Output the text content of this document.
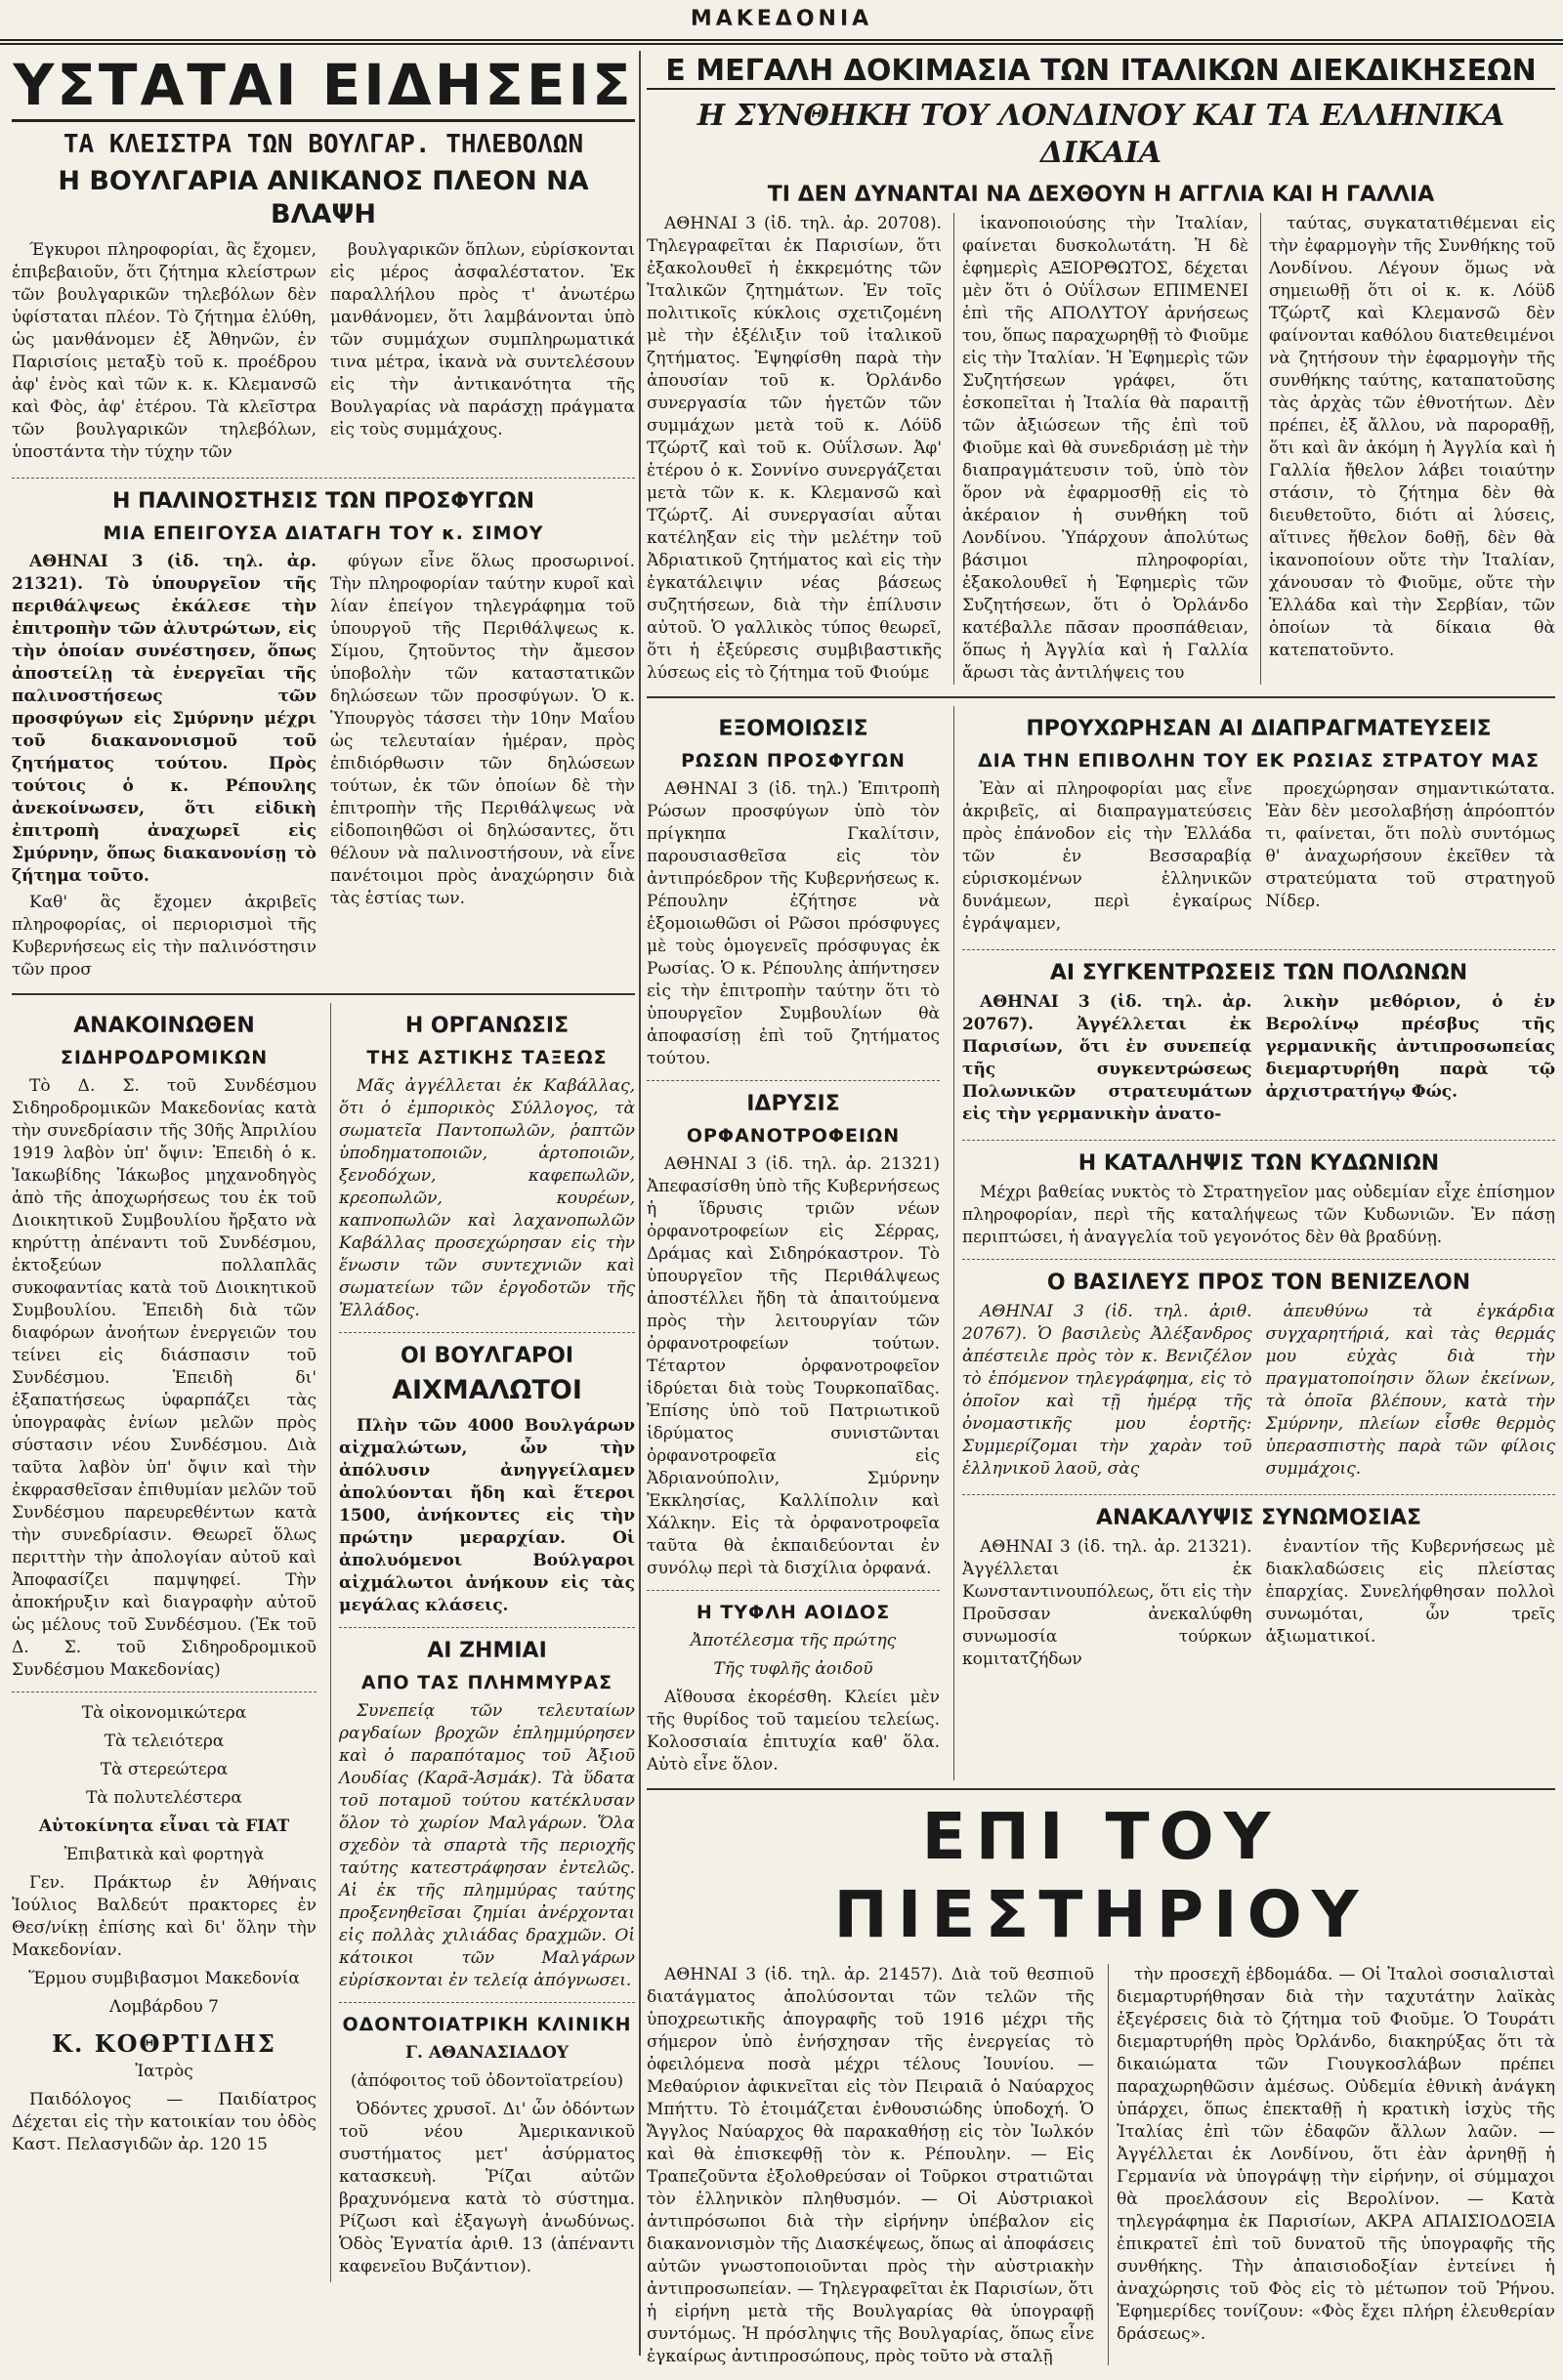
ΜΑΚΕΔΟΝΙΑ
ΥΣΤΑΤΑΙ ΕΙΔΗΣΕΙΣ
ΤΑ ΚΛΕΙΣΤΡΑ ΤΩΝ ΒΟΥΛΓΑΡ. ΤΗΛΕΒΟΛΩΝ
Η ΒΟΥΛΓΑΡΙΑ ΑΝΙΚΑΝΟΣ ΠΛΕΟΝ ΝΑ ΒΛΑΨΗ

Έγκυροι πληροφορίαι, ἃς ἔχομεν, ἐπιβεβαιοῦν, ὅτι ζήτημα κλείστρων τῶν βουλγαρικῶν τηλεβόλων δὲν ὑφίσταται πλέον. Τὸ ζήτημα ἐλύθη, ὡς μανθάνομεν ἐξ Ἀθηνῶν, ἐν Παρισίοις μεταξὺ τοῦ κ. προέδρου ἀφ' ἑνὸς καὶ τῶν κ. κ. Κλεμανσῶ καὶ Φὸς, ἀφ' ἑτέρου. Τὰ κλεῖστρα τῶν βουλγαρικῶν τηλεβόλων, ὑποστάντα τὴν τύχην τῶν

βουλγαρικῶν ὅπλων, εὑρίσκονται εἰς μέρος ἀσφαλέστατον. Ἐκ παραλλήλου πρὸς τ' ἀνωτέρω μανθάνομεν, ὅτι λαμβάνονται ὑπὸ τῶν συμμάχων συμπληρωματικά τινα μέτρα, ἱκανὰ νὰ συντελέσουν εἰς τὴν ἀντικανότητα τῆς Βουλγαρίας νὰ παράσχῃ πράγματα εἰς τοὺς συμμάχους.

Η ΠΑΛΙΝΟΣΤΗΣΙΣ ΤΩΝ ΠΡΟΣΦΥΓΩΝ
ΜΙΑ ΕΠΕΙΓΟΥΣΑ ΔΙΑΤΑΓΗ ΤΟΥ κ. ΣΙΜΟΥ

ΑΘΗΝΑΙ 3 (ἰδ. τηλ. ἀρ. 21321). Τὸ ὑπουργεῖον τῆς περιθάλψεως ἐκάλεσε τὴν ἐπιτροπὴν τῶν ἀλυτρώτων, εἰς τὴν ὁποίαν συνέστησεν, ὅπως ἀποστείλῃ τὰ ἐνεργεῖαι τῆς παλινοστήσεως τῶν προσφύγων εἰς Σμύρνην μέχρι τοῦ διακανονισμοῦ τοῦ ζητήματος τούτου. Πρὸς τούτοις ὁ κ. Ρέπουλης ἀνεκοίνωσεν, ὅτι εἰδικὴ ἐπιτροπὴ ἀναχωρεῖ εἰς Σμύρνην, ὅπως διακανονίσῃ τὸ ζήτημα τοῦτο.

Καθ' ἃς ἔχομεν ἀκριβεῖς πληροφορίας, οἱ περιορισμοὶ τῆς Κυβερνήσεως εἰς τὴν παλινόστησιν τῶν προσ

φύγων εἶνε ὅλως προσωρινοί. Τὴν πληροφορίαν ταύτην κυροῖ καὶ λίαν ἐπείγον τηλεγράφημα τοῦ ὑπουργοῦ τῆς Περιθάλψεως κ. Σίμου, ζητοῦντος τὴν ἄμεσον ὑποβολὴν τῶν καταστατικῶν δηλώσεων τῶν προσφύγων. Ὁ κ. Ὑπουργὸς τάσσει τὴν 10ην Μαΐου ὡς τελευταίαν ἡμέραν, πρὸς ἐπιδιόρθωσιν τῶν δηλώσεων τούτων, ἐκ τῶν ὁποίων δὲ τὴν ἐπιτροπὴν τῆς Περιθάλψεως νὰ εἰδοποιηθῶσι οἱ δηλώσαντες, ὅτι θέλουν νὰ παλινοστήσουν, νὰ εἶνε πανέτοιμοι πρὸς ἀναχώρησιν διὰ τὰς ἑστίας των.

ΑΝΑΚΟΙΝΩΘΕΝ
ΣΙΔΗΡΟΔΡΟΜΙΚΩΝ

Τὸ Δ. Σ. τοῦ Συνδέσμου Σιδηροδρομικῶν Μακεδονίας κατὰ τὴν συνεδρίασιν τῆς 30ῆς Ἀπριλίου 1919 λαβὸν ὑπ' ὄψιν: Ἐπειδὴ ὁ κ. Ἰακωβίδης Ἰάκωβος μηχανοδηγὸς ἀπὸ τῆς ἀποχωρήσεως του ἐκ τοῦ Διοικητικοῦ Συμβουλίου ἤρξατο νὰ κηρύττῃ ἀπέναντι τοῦ Συνδέσμου, ἐκτοξεύων πολλαπλᾶς συκοφαντίας κατὰ τοῦ Διοικητικοῦ Συμβουλίου. Ἐπειδὴ διὰ τῶν διαφόρων ἀνοήτων ἐνεργειῶν του τείνει εἰς διάσπασιν τοῦ Συνδέσμου. Ἐπειδὴ δι' ἐξαπατήσεως ὑφαρπάζει τὰς ὑπογραφὰς ἐνίων μελῶν πρὸς σύστασιν νέου Συνδέσμου. Διὰ ταῦτα λαβὸν ὑπ' ὄψιν καὶ τὴν ἐκφρασθεῖσαν ἐπιθυμίαν μελῶν τοῦ Συνδέσμου παρευρεθέντων κατὰ τὴν συνεδρίασιν. Θεωρεῖ ὅλως περιττὴν τὴν ἀπολογίαν αὐτοῦ καὶ Ἀποφασίζει παμψηφεί. Τὴν ἀποκήρυξιν καὶ διαγραφὴν αὐτοῦ ὡς μέλους τοῦ Συνδέσμου. (Ἐκ τοῦ Δ. Σ. τοῦ Σιδηροδρομικοῦ Συνδέσμου Μακεδονίας)

Τὰ οἰκονομικώτερα
Τὰ τελειότερα
Τὰ στερεώτερα
Τὰ πολυτελέστερα
Αὐτοκίνητα εἶναι τὰ FIAT
Ἐπιβατικὰ καὶ φορτηγὰ

Γεν. Πράκτωρ ἐν Ἀθήναις Ἰούλιος Βαλδεύτ πρακτορες ἐν Θεσ/νίκῃ ἐπίσης καὶ δι' ὅλην τὴν Μακεδονίαν.

Ἕρμου συμβιβασμοι Μακεδονία
Λομβάρδου 7
Κ. ΚΟΘΡΤΙΔΗΣ
Ἰατρὸς

Παιδόλογος — Παιδίατρος Δέχεται εἰς τὴν κατοικίαν του ὁδὸς Καστ. Πελασγιδῶν ἀρ. 120 15

Η ΟΡΓΑΝΩΣΙΣ
ΤΗΣ ΑΣΤΙΚΗΣ ΤΑΞΕΩΣ

Μᾶς ἀγγέλλεται ἐκ Καβάλλας, ὅτι ὁ ἐμπορικὸς Σύλλογος, τὰ σωματεῖα Παντοπωλῶν, ῥαπτῶν ὑποδηματοποιῶν, ἀρτοποιῶν, ξενοδόχων, καφεπωλῶν, κρεοπωλῶν, κουρέων, καπνοπωλῶν καὶ λαχανοπωλῶν Καβάλλας προσεχώρησαν εἰς τὴν ἕνωσιν τῶν συντεχνιῶν καὶ σωματείων τῶν ἐργοδοτῶν τῆς Ἑλλάδος.

ΟΙ ΒΟΥΛΓΑΡΟΙ
ΑΙΧΜΑΛΩΤΟΙ

Πλὴν τῶν 4000 Βουλγάρων αἰχμαλώτων, ὧν τὴν ἀπόλυσιν ἀνηγγείλαμεν ἀπολύονται ἤδη καὶ ἕτεροι 1500, ἀνήκοντες εἰς τὴν πρώτην μεραρχίαν. Οἱ ἀπολυόμενοι Βούλγαροι αἰχμάλωτοι ἀνήκουν εἰς τὰς μεγάλας κλάσεις.

ΑΙ ΖΗΜΙΑΙ
ΑΠΟ ΤΑΣ ΠΛΗΜΜΥΡΑΣ

Συνεπείᾳ τῶν τελευταίων ραγδαίων βροχῶν ἐπλημμύρησεν καὶ ὁ παραπόταμος τοῦ Ἀξιοῦ Λουδίας (Καρᾶ-Ἀσμάκ). Τὰ ὕδατα τοῦ ποταμοῦ τούτου κατέκλυσαν ὅλον τὸ χωρίον Μαλγάρων. Ὅλα σχεδὸν τὰ σπαρτὰ τῆς περιοχῆς ταύτης κατεστράφησαν ἐντελῶς. Αἱ ἐκ τῆς πλημμύρας ταύτης προξενηθεῖσαι ζημίαι ἀνέρχονται εἰς πολλὰς χιλιάδας δραχμῶν. Οἱ κάτοικοι τῶν Μαλγάρων εὑρίσκονται ἐν τελείᾳ ἀπόγνωσει.

ΟΔΟΝΤΟΙΑΤΡΙΚΗ ΚΛΙΝΙΚΗ
Γ. ΑΘΑΝΑΣΙΑΔΟΥ
(ἀπόφοιτος τοῦ ὀδοντοϊατρείου)

Ὀδόντες χρυσοῖ. Δι' ὧν ὀδόντων τοῦ νέου Ἀμερικανικοῦ συστήματος μετ' ἀσύρματος κατασκευὴ. Ῥίζαι αὐτῶν βραχυνόμενα κατὰ τὸ σύστημα. Ρίζωσι καὶ ἐξαγωγὴ ἀνωδύνως. Ὁδὸς Ἐγνατία ἀριθ. 13 (ἀπέναντι καφενεῖου Βυζάντιον).

Ε ΜΕΓΑΛΗ ΔΟΚΙΜΑΣΙΑ ΤΩΝ ΙΤΑΛΙΚΩΝ ΔΙΕΚΔΙΚΗΣΕΩΝ
Η ΣΥΝΘΗΚΗ ΤΟΥ ΛΟΝΔΙΝΟΥ ΚΑΙ ΤΑ ΕΛΛΗΝΙΚΑ ΔΙΚΑΙΑ
ΤΙ ΔΕΝ ΔΥΝΑΝΤΑΙ ΝΑ ΔΕΧΘΟΥΝ Η ΑΓΓΛΙΑ ΚΑΙ Η ΓΑΛΛΙΑ

ΑΘΗΝΑΙ 3 (ἰδ. τηλ. ἀρ. 20708). Τηλεγραφεῖται ἐκ Παρισίων, ὅτι ἐξακολουθεῖ ἡ ἐκκρεμότης τῶν Ἰταλικῶν ζητημάτων. Ἐν τοῖς πολιτικοῖς κύκλοις σχετιζομένη μὲ τὴν ἐξέλιξιν τοῦ ἰταλικοῦ ζητήματος. Ἐψηφίσθη παρὰ τὴν ἀπουσίαν τοῦ κ. Ὀρλάνδο συνεργασία τῶν ἡγετῶν τῶν συμμάχων μετὰ τοῦ κ. Λόϋδ Τζώρτζ καὶ τοῦ κ. Οὐΐλσων. Ἀφ' ἑτέρου ὁ κ. Σοννίνο συνεργάζεται μετὰ τῶν κ. κ. Κλεμανσῶ καὶ Τζώρτζ. Αἱ συνεργασίαι αὗται κατέληξαν εἰς τὴν μελέτην τοῦ Ἀδριατικοῦ ζητήματος καὶ εἰς τὴν ἐγκατάλειψιν νέας βάσεως συζητήσεων, διὰ τὴν ἐπίλυσιν αὐτοῦ. Ὁ γαλλικὸς τύπος θεωρεῖ, ὅτι ἡ ἐξεύρεσις συμβιβαστικῆς λύσεως εἰς τὸ ζήτημα τοῦ Φιούμε

ἱκανοποιούσης τὴν Ἰταλίαν, φαίνεται δυσκολωτάτη. Ἡ δὲ ἐφημερὶς ΑΞΙΟΡΘΩΤΟΣ, δέχεται μὲν ὅτι ὁ Οὐΐλσων ΕΠΙΜΕΝΕΙ ἐπὶ τῆς ΑΠΟΛΥΤΟΥ ἀρνήσεως του, ὅπως παραχωρηθῇ τὸ Φιοῦμε εἰς τὴν Ἰταλίαν. Ἡ Ἐφημερὶς τῶν Συζητήσεων γράφει, ὅτι ἐσκοπεῖται ἡ Ἰταλία θὰ παραιτῇ τῶν ἀξιώσεων τῆς ἐπὶ τοῦ Φιοῦμε καὶ θὰ συνεδριάσῃ μὲ τὴν διαπραγμάτευσιν τοῦ, ὑπὸ τὸν ὅρον νὰ ἐφαρμοσθῇ εἰς τὸ ἀκέραιον ἡ συνθήκη τοῦ Λονδίνου. Ὑπάρχουν ἀπολύτως βάσιμοι πληροφορίαι, ἐξακολουθεῖ ἡ Ἐφημερὶς τῶν Συζητήσεων, ὅτι ὁ Ὀρλάνδο κατέβαλλε πᾶσαν προσπάθειαν, ὅπως ἡ Ἀγγλία καὶ ἡ Γαλλία ἄρωσι τὰς ἀντιλήψεις του

ταύτας, συγκατατιθέμεναι εἰς τὴν ἐφαρμογὴν τῆς Συνθήκης τοῦ Λονδίνου. Λέγουν ὅμως νὰ σημειωθῇ ὅτι οἱ κ. κ. Λόϋδ Τζώρτζ καὶ Κλεμανσῶ δὲν φαίνονται καθόλου διατεθειμένοι νὰ ζητήσουν τὴν ἐφαρμογὴν τῆς συνθήκης ταύτης, καταπατοῦσης τὰς ἀρχὰς τῶν ἐθνοτήτων. Δὲν πρέπει, ἐξ ἄλλου, νὰ παροραθῇ, ὅτι καὶ ἂν ἀκόμη ἡ Ἀγγλία καὶ ἡ Γαλλία ἤθελον λάβει τοιαύτην στάσιν, τὸ ζήτημα δὲν θὰ διευθετοῦτο, διότι αἱ λύσεις, αἵτινες ἤθελον δοθῇ, δὲν θὰ ἱκανοποίουν οὔτε τὴν Ἰταλίαν, χάνουσαν τὸ Φιοῦμε, οὔτε τὴν Ἑλλάδα καὶ τὴν Σερβίαν, τῶν ὁποίων τὰ δίκαια θὰ κατεπατοῦντο.

ΕΞΟΜΟΙΩΣΙΣ
ΡΩΣΩΝ ΠΡΟΣΦΥΓΩΝ

ΑΘΗΝΑΙ 3 (ἰδ. τηλ.) Ἐπιτροπὴ Ρώσων προσφύγων ὑπὸ τὸν πρίγκηπα Γκαλίτσιν, παρουσιασθεῖσα εἰς τὸν ἀντιπρόεδρον τῆς Κυβερνήσεως κ. Ρέπουλην ἐζήτησε νὰ ἐξομοιωθῶσι οἱ Ρῶσοι πρόσφυγες μὲ τοὺς ὁμογενεῖς πρόσφυγας ἐκ Ρωσίας. Ὁ κ. Ρέπουλης ἀπήντησεν εἰς τὴν ἐπιτροπὴν ταύτην ὅτι τὸ ὑπουργεῖον Συμβουλίων θὰ ἀποφασίσῃ ἐπὶ τοῦ ζητήματος τούτου.

ΙΔΡΥΣΙΣ
ΟΡΦΑΝΟΤΡΟΦΕΙΩΝ

ΑΘΗΝΑΙ 3 (ἰδ. τηλ. ἀρ. 21321) Ἀπεφασίσθη ὑπὸ τῆς Κυβερνήσεως ἡ ἵδρυσις τριῶν νέων ὀρφανοτροφείων εἰς Σέρρας, Δράμας καὶ Σιδηρόκαστρον. Τὸ ὑπουργεῖον τῆς Περιθάλψεως ἀποστέλλει ἤδη τὰ ἀπαιτούμενα πρὸς τὴν λειτουργίαν τῶν ὀρφανοτροφείων τούτων. Τέταρτον ὀρφανοτροφεῖον ἱδρύεται διὰ τοὺς Τουρκοπαῖδας. Ἐπίσης ὑπὸ τοῦ Πατριωτικοῦ ἱδρύματος συνιστῶνται ὀρφανοτροφεῖα εἰς Ἀδριανούπολιν, Σμύρνην Ἐκκλησίας, Καλλίπολιν καὶ Χάλκην. Εἰς τὰ ὀρφανοτροφεῖα ταῦτα θὰ ἐκπαιδεύονται ἐν συνόλῳ περὶ τὰ δισχίλια ὀρφανά.

Η ΤΥΦΛΗ ΑΟΙΔΟΣ
Ἀποτέλεσμα τῆς πρώτης
Τῆς τυφλῆς ἀοιδοῦ

Αἴθουσα ἐκορέσθη. Κλείει μὲν τῆς θυρίδος τοῦ ταμείου τελείως. Κολοσσιαία ἐπιτυχία καθ' ὅλα. Αὐτὸ εἶνε ὅλον.

ΠΡΟΥΧΩΡΗΣΑΝ ΑΙ ΔΙΑΠΡΑΓΜΑΤΕΥΣΕΙΣ
ΔΙΑ ΤΗΝ ΕΠΙΒΟΛΗΝ ΤΟΥ ΕΚ ΡΩΣΙΑΣ ΣΤΡΑΤΟΥ ΜΑΣ

Ἐὰν αἱ πληροφορίαι μας εἶνε ἀκριβεῖς, αἱ διαπραγματεύσεις πρὸς ἐπάνοδον εἰς τὴν Ἑλλάδα τῶν ἐν Βεσσαραβίᾳ εὑρισκομένων ἑλληνικῶν δυνάμεων, περὶ ἐγκαίρως ἐγράψαμεν,

προεχώρησαν σημαντικώτατα. Ἐὰν δὲν μεσολαβήσῃ ἀπρόοπτόν τι, φαίνεται, ὅτι πολὺ συντόμως θ' ἀναχωρήσουν ἐκεῖθεν τὰ στρατεύματα τοῦ στρατηγοῦ Νίδερ.

ΑΙ ΣΥΓΚΕΝΤΡΩΣΕΙΣ ΤΩΝ ΠΟΛΩΝΩΝ

ΑΘΗΝΑΙ 3 (ἰδ. τηλ. ἀρ. 20767). Ἀγγέλλεται ἐκ Παρισίων, ὅτι ἐν συνεπείᾳ τῆς συγκεντρώσεως Πολωνικῶν στρατευμάτων εἰς τὴν γερμανικὴν ἀνατο-

λικὴν μεθόριον, ὁ ἐν Βερολίνῳ πρέσβυς τῆς γερμανικῆς ἀντιπροσωπείας διεμαρτυρήθη παρὰ τῷ ἀρχιστρατήγῳ Φώς.

Η ΚΑΤΑΛΗΨΙΣ ΤΩΝ ΚΥΔΩΝΙΩΝ

Μέχρι βαθείας νυκτὸς τὸ Στρατηγεῖον μας οὐδεμίαν εἶχε ἐπίσημον πληροφορίαν, περὶ τῆς καταλήψεως τῶν Κυδωνιῶν. Ἐν πάσῃ περιπτώσει, ἡ ἀναγγελία τοῦ γεγονότος δὲν θὰ βραδύνῃ.

Ο ΒΑΣΙΛΕΥΣ ΠΡΟΣ ΤΟΝ ΒΕΝΙΖΕΛΟΝ

ΑΘΗΝΑΙ 3 (ἰδ. τηλ. ἀριθ. 20767). Ὁ βασιλεὺς Ἀλέξανδρος ἀπέστειλε πρὸς τὸν κ. Βενιζέλον τὸ ἑπόμενον τηλεγράφημα, εἰς τὸ ὁποῖον καὶ τῇ ἡμέρᾳ τῆς ὀνομαστικῆς μου ἑορτῆς: Συμμερίζομαι τὴν χαρὰν τοῦ ἑλληνικοῦ λαοῦ, σὰς

ἀπευθύνω τὰ ἐγκάρδια συγχαρητήριά, καὶ τὰς θερμάς μου εὐχὰς διὰ τὴν πραγματοποίησιν ὅλων ἐκείνων, τὰ ὁποῖα βλέπουν, κατὰ τὴν Σμύρνην, πλείων εἶσθε θερμὸς ὑπερασπιστὴς παρὰ τῶν φίλοις συμμάχοις.

ΑΝΑΚΑΛΥΨΙΣ ΣΥΝΩΜΟΣΙΑΣ

ΑΘΗΝΑΙ 3 (ἰδ. τηλ. ἀρ. 21321). Ἀγγέλλεται ἐκ Κωνσταντινουπόλεως, ὅτι εἰς τὴν Προῦσσαν ἀνεκαλύφθη συνωμοσία τούρκων κομιτατζήδων

ἐναντίον τῆς Κυβερνήσεως μὲ διακλαδώσεις εἰς πλείστας ἐπαρχίας. Συνελήφθησαν πολλοὶ συνωμόται, ὧν τρεῖς ἀξιωματικοί.

ΕΠΙ ΤΟΥ ΠΙΕΣΤΗΡΙΟΥ

ΑΘΗΝΑΙ 3 (ἰδ. τηλ. ἀρ. 21457). Διὰ τοῦ θεσπιοῦ διατάγματος ἀπολύσονται τῶν τελῶν τῆς ὑποχρεωτικῆς ἀπογραφῆς τοῦ 1916 μέχρι τῆς σήμερον ὑπὸ ἐνήσχησαν τῆς ἐνεργείας τὸ ὀφειλόμενα ποσὰ μέχρι τέλους Ἰουνίου. — Μεθαύριον ἀφικνεῖται εἰς τὸν Πειραιᾶ ὁ Ναύαρχος Μπήττυ. Τὸ ἑτοιμάζεται ἐνθουσιώδης ὑποδοχή. Ὁ Ἄγγλος Ναύαρχος θὰ παρακαθήσῃ εἰς τὸν Ἰωλκόν καὶ θὰ ἐπισκεφθῇ τὸν κ. Ρέπουλην. — Εἰς Τραπεζοῦντα ἐξολοθρεύσαν οἱ Τοῦρκοι στρατιῶται τὸν ἑλληνικὸν πληθυσμόν. — Οἱ Αὐστριακοὶ ἀντιπρόσωποι διὰ τὴν εἰρήνην ὑπέβαλον εἰς διακανονισμὸν τῆς Διασκέψεως, ὅπως αἱ ἀποφάσεις αὐτῶν γνωστοποιοῦνται πρὸς τὴν αὐστριακὴν ἀντιπροσωπείαν. — Τηλεγραφεῖται ἐκ Παρισίων, ὅτι ἡ εἰρήνη μετὰ τῆς Βουλγαρίας θὰ ὑπογραφῇ συντόμως. Ἡ πρόσληψις τῆς Βουλγαρίας, ὅπως εἶνε ἐγκαίρως ἀντιπροσώπους, πρὸς τοῦτο νὰ σταλῇ

τὴν προσεχῆ ἑβδομάδα. — Οἱ Ἰταλοὶ σοσιαλισταὶ διεμαρτυρήθησαν διὰ τὴν ταχυτάτην λαϊκὰς ἐξεγέρσεις διὰ τὸ ζήτημα τοῦ Φιοῦμε. Ὁ Τουράτι διεμαρτυρήθη πρὸς Ὀρλάνδο, διακηρύξας ὅτι τὰ δικαιώματα τῶν Γιουγκοσλάβων πρέπει παραχωρηθῶσιν ἀμέσως. Οὐδεμία ἐθνικὴ ἀνάγκη ὑπάρχει, ὅπως ἐπεκταθῇ ἡ κρατικὴ ἰσχὺς τῆς Ἰταλίας ἐπὶ τῶν ἐδαφῶν ἄλλων λαῶν. — Ἀγγέλλεται ἐκ Λονδίνου, ὅτι ἐὰν ἀρνηθῇ ἡ Γερμανία νὰ ὑπογράψῃ τὴν εἰρήνην, οἱ σύμμαχοι θὰ προελάσουν εἰς Βερολίνον. — Κατὰ τηλεγράφημα ἐκ Παρισίων, ΑΚΡΑ ΑΠΑΙΣΙΟΔΟΞΙΑ ἐπικρατεῖ ἐπὶ τοῦ δυνατοῦ τῆς ὑπογραφῆς τῆς συνθήκης. Τὴν ἀπαισιοδοξίαν ἐντείνει ἡ ἀναχώρησις τοῦ Φὸς εἰς τὸ μέτωπον τοῦ Ῥήνου. Ἐφημερίδες τονίζουν: «Φὸς ἔχει πλήρη ἐλευθερίαν δράσεως».
